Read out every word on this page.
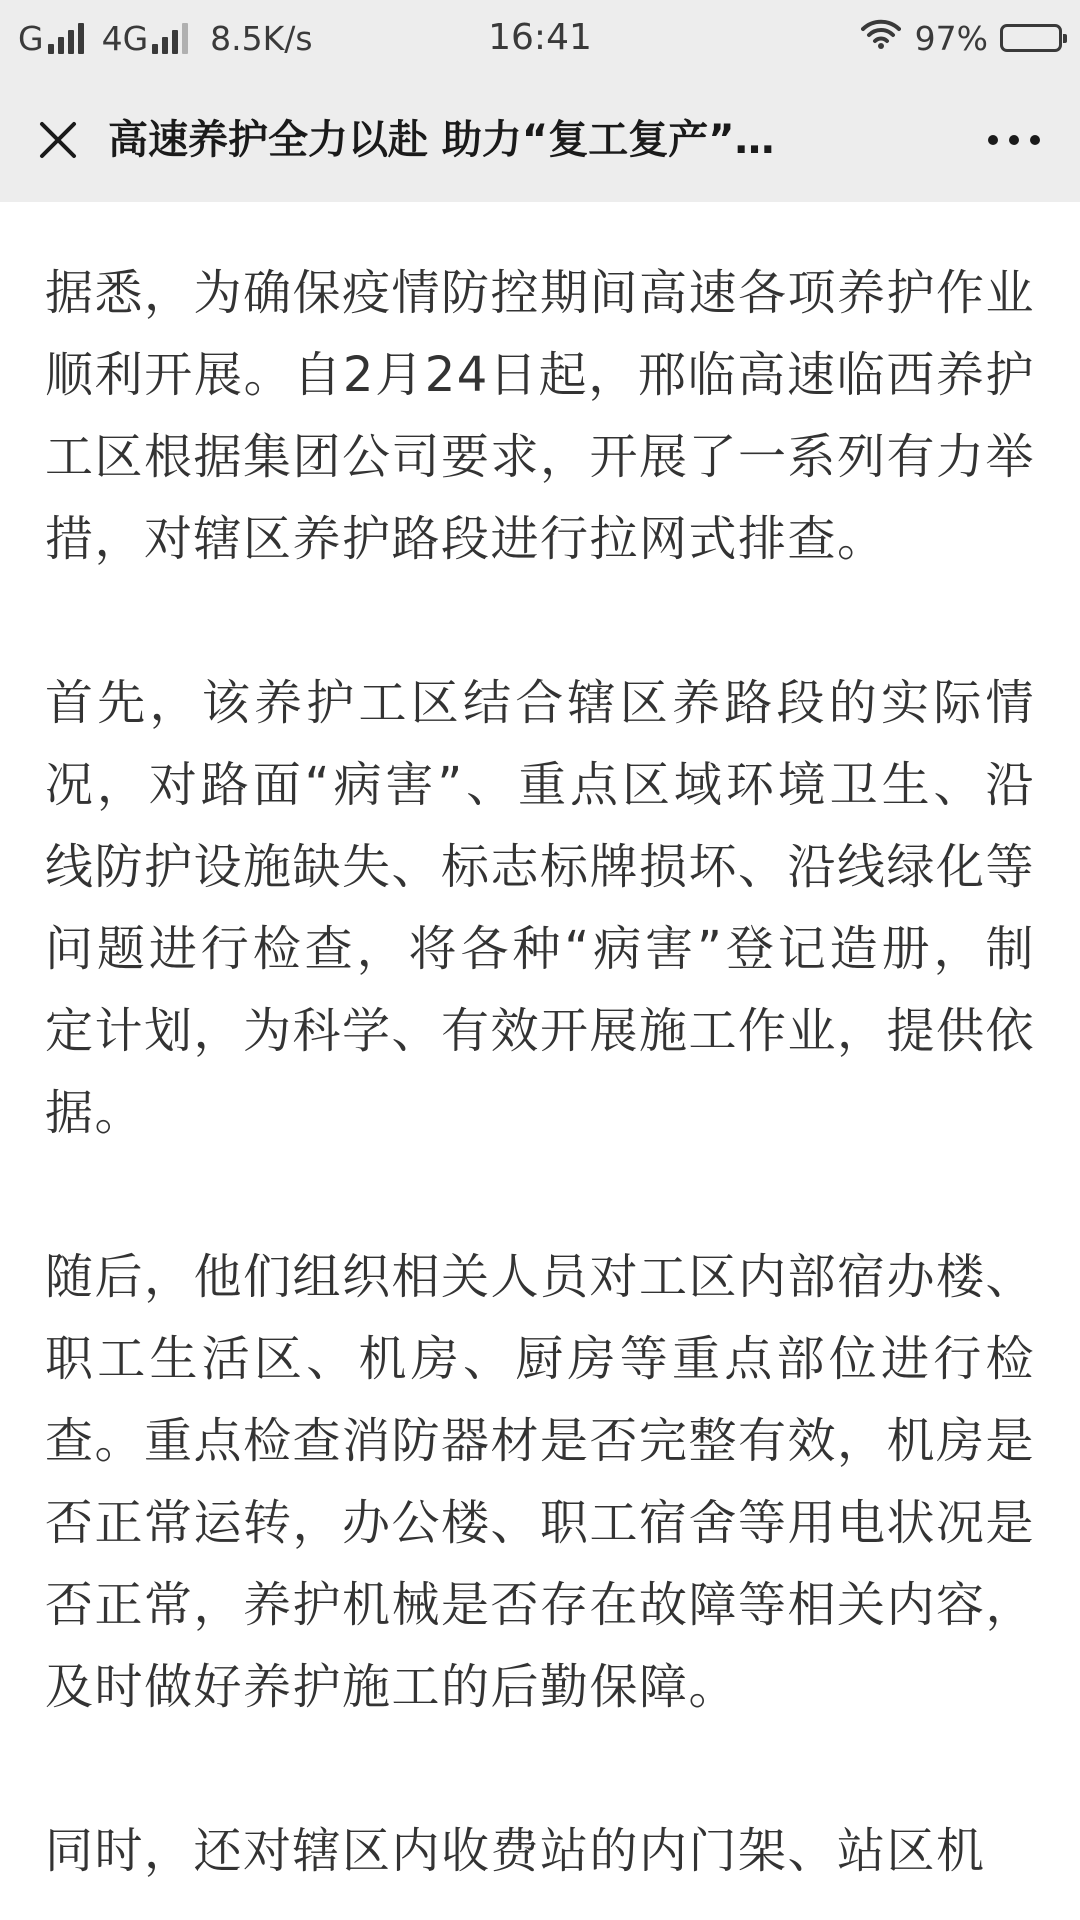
G 4G 8.5K/s	16:41	97%
高速养护全力以赴 助力“复工复产”…

据悉，为确保疫情防控期间高速各项养护作业顺利开展。自2月24日起，邢临高速临西养护工区根据集团公司要求，开展了一系列有力举措，对辖区养护路段进行拉网式排查。

首先，该养护工区结合辖区养路段的实际情况，对路面“病害”、重点区域环境卫生、沿线防护设施缺失、标志标牌损坏、沿线绿化等问题进行检查，将各种“病害”登记造册，制定计划，为科学、有效开展施工作业，提供依据。

随后，他们组织相关人员对工区内部宿办楼、职工生活区、机房、厨房等重点部位进行检查。重点检查消防器材是否完整有效，机房是否正常运转，办公楼、职工宿舍等用电状况是否正常，养护机械是否存在故障等相关内容，及时做好养护施工的后勤保障。

同时，还对辖区内收费站的内门架、站区机
